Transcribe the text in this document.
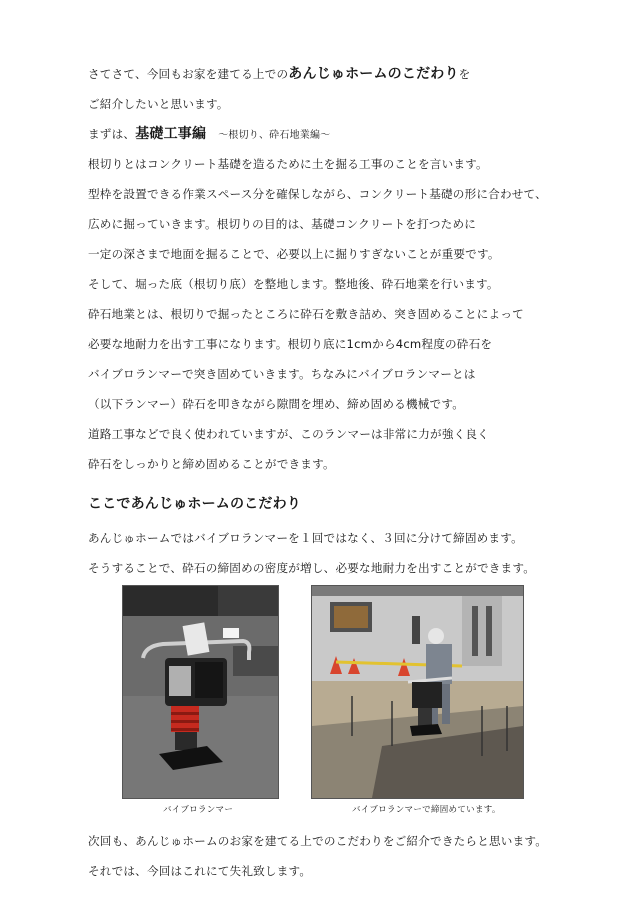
さてさて、今回もお家を建てる上でのあんじゅホームのこだわりを
ご紹介したいと思います。
まずは、基礎工事編 ～根切り、砕石地業編～
根切りとはコンクリート基礎を造るために土を掘る工事のことを言います。
型枠を設置できる作業スペース分を確保しながら、コンクリート基礎の形に合わせて、
広めに掘っていきます。根切りの目的は、基礎コンクリートを打つために
一定の深さまで地面を掘ることで、必要以上に掘りすぎないことが重要です。
そして、堀った底（根切り底）を整地します。整地後、砕石地業を行います。
砕石地業とは、根切りで掘ったところに砕石を敷き詰め、突き固めることによって
必要な地耐力を出す工事になります。根切り底に1cmから4cm程度の砕石を
バイブロランマーで突き固めていきます。ちなみにバイブロランマーとは
（以下ランマー）砕石を叩きながら隙間を埋め、締め固める機械です。
道路工事などで良く使われていますが、このランマーは非常に力が強く良く
砕石をしっかりと締め固めることができます。
ここであんじゅホームのこだわり
あんじゅホームではバイブロランマーを１回ではなく、３回に分けて締固めます。
そうすることで、砕石の締固めの密度が増し、必要な地耐力を出すことができます。
バイブロランマー	バイブロランマーで締固めています。
次回も、あんじゅホームのお家を建てる上でのこだわりをご紹介できたらと思います。
それでは、今回はこれにて失礼致します。
